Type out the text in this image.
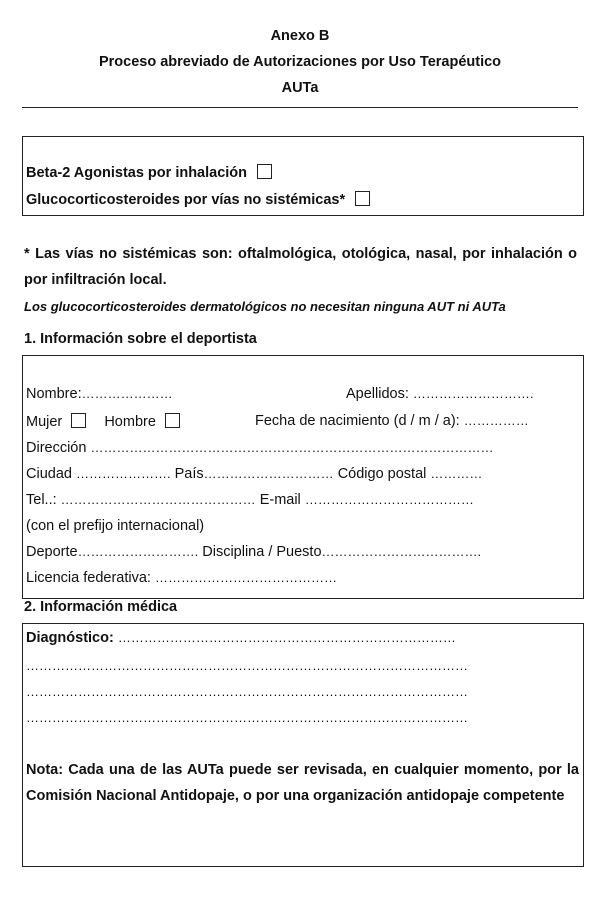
Anexo B
Proceso abreviado de Autorizaciones por Uso Terapéutico
AUTa
Beta-2 Agonistas por inhalación
Glucocorticosteroides por vías no sistémicas*
* Las vías no sistémicas son: oftalmológica, otológica, nasal, por inhalación o por infiltración local.
Los glucocorticosteroides dermatológicos no necesitan ninguna AUT ni AUTa
1. Información sobre el deportista
Nombre:…………………	Apellidos: ……………………….
Mujer	Hombre	Fecha de nacimiento (d / m / a): ……………
Dirección …………………………………………………………………………………
Ciudad …………………. País………………………… Código postal …………
Tel..: ……………………………………… E-mail …………………………………
(con el prefijo internacional)
Deporte………………………. Disciplina / Puesto……………………………….
Licencia federativa: ……………………………………
2. Información médica
Diagnóstico: ……………………………………………………………………
…………………………………………………………………………………………
…………………………………………………………………………………………
…………………………………………………………………………………………
Nota: Cada una de las AUTa puede ser revisada, en cualquier momento, por la Comisión Nacional Antidopaje, o por una organización antidopaje competente
